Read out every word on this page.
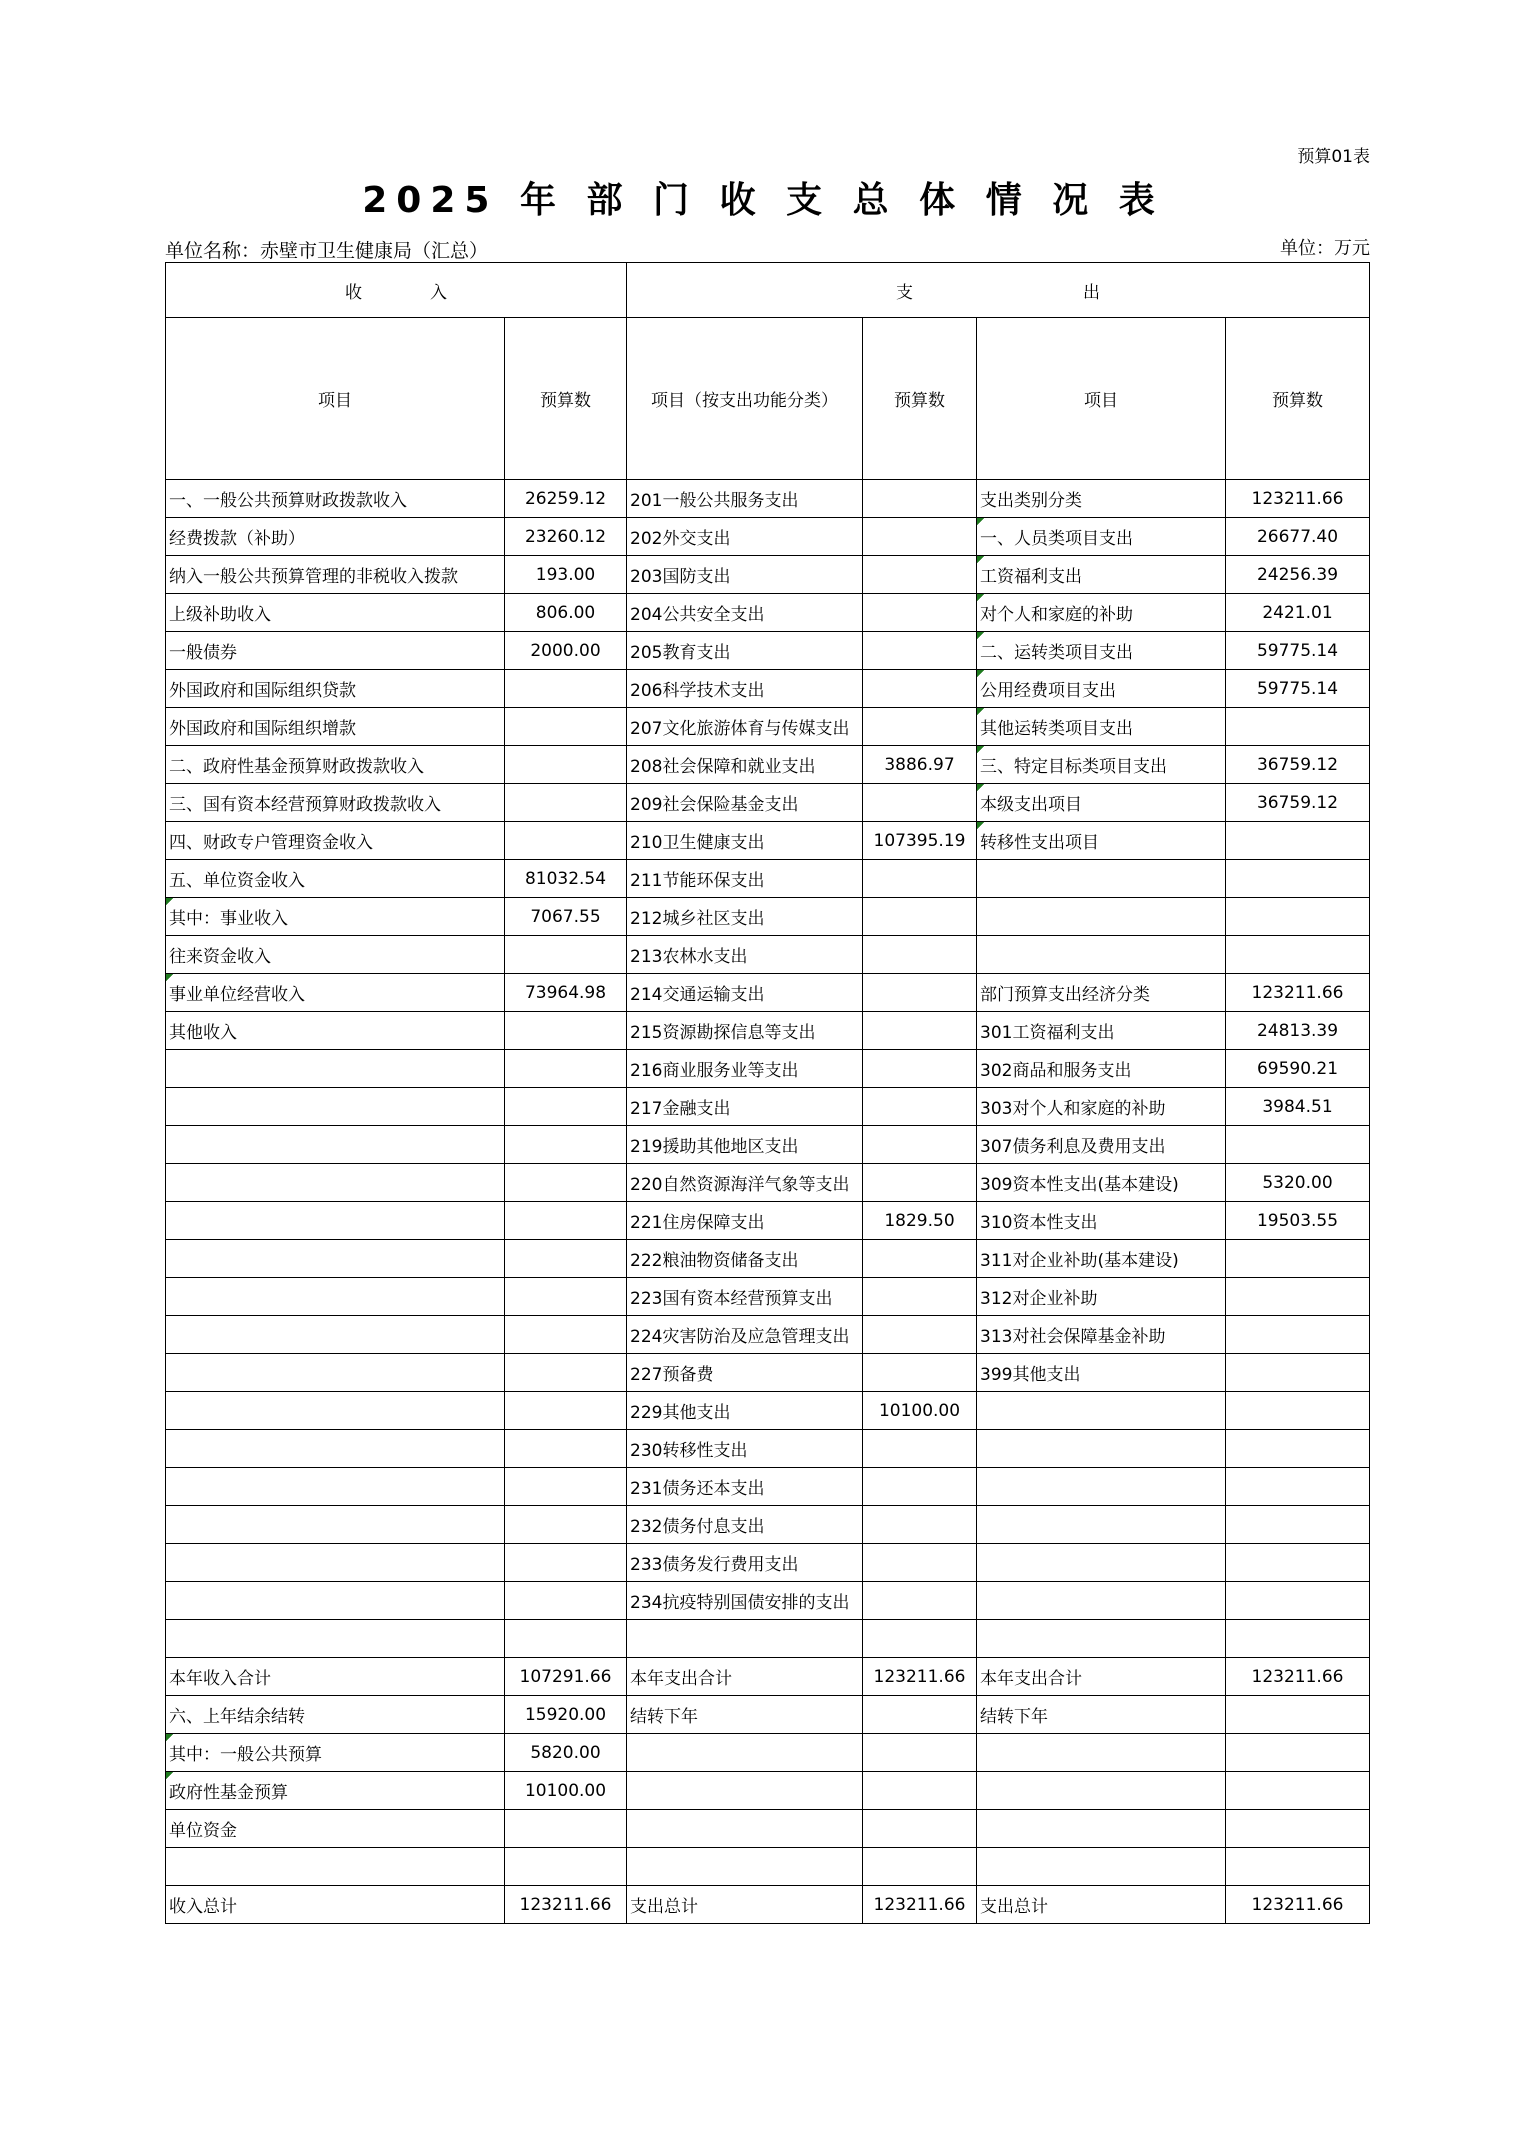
预算01表
2025 年 部 门 收 支 总 体 情 况 表
单位名称：赤壁市卫生健康局（汇总）	单位：万元
收　　　　入		支　　　　　　　　　　出			
项目	预算数	项目（按支出功能分类）	预算数	项目	预算数
一、一般公共预算财政拨款收入	26259.12	201一般公共服务支出		支出类别分类	123211.66
经费拨款（补助）	23260.12	202外交支出		一、人员类项目支出	26677.40
纳入一般公共预算管理的非税收入拨款	193.00	203国防支出		工资福利支出	24256.39
上级补助收入	806.00	204公共安全支出		对个人和家庭的补助	2421.01
一般债券	2000.00	205教育支出		二、运转类项目支出	59775.14
外国政府和国际组织贷款		206科学技术支出		公用经费项目支出	59775.14
外国政府和国际组织增款		207文化旅游体育与传媒支出		其他运转类项目支出	
二、政府性基金预算财政拨款收入		208社会保障和就业支出	3886.97	三、特定目标类项目支出	36759.12
三、国有资本经营预算财政拨款收入		209社会保险基金支出		本级支出项目	36759.12
四、财政专户管理资金收入		210卫生健康支出	107395.19	转移性支出项目	
五、单位资金收入	81032.54	211节能环保支出			
其中：事业收入	7067.55	212城乡社区支出			
往来资金收入		213农林水支出			
事业单位经营收入	73964.98	214交通运输支出		部门预算支出经济分类	123211.66
其他收入		215资源勘探信息等支出		301工资福利支出	24813.39
		216商业服务业等支出		302商品和服务支出	69590.21
		217金融支出		303对个人和家庭的补助	3984.51
		219援助其他地区支出		307债务利息及费用支出	
		220自然资源海洋气象等支出		309资本性支出(基本建设)	5320.00
		221住房保障支出	1829.50	310资本性支出	19503.55
		222粮油物资储备支出		311对企业补助(基本建设)	
		223国有资本经营预算支出		312对企业补助	
		224灾害防治及应急管理支出		313对社会保障基金补助	
		227预备费		399其他支出	
		229其他支出	10100.00		
		230转移性支出			
		231债务还本支出			
		232债务付息支出			
		233债务发行费用支出			
		234抗疫特别国债安排的支出			

本年收入合计	107291.66	本年支出合计	123211.66	本年支出合计	123211.66
六、上年结余结转	15920.00	结转下年		结转下年	
其中：一般公共预算	5820.00				
政府性基金预算	10100.00				
单位资金					

收入总计	123211.66	支出总计	123211.66	支出总计	123211.66
